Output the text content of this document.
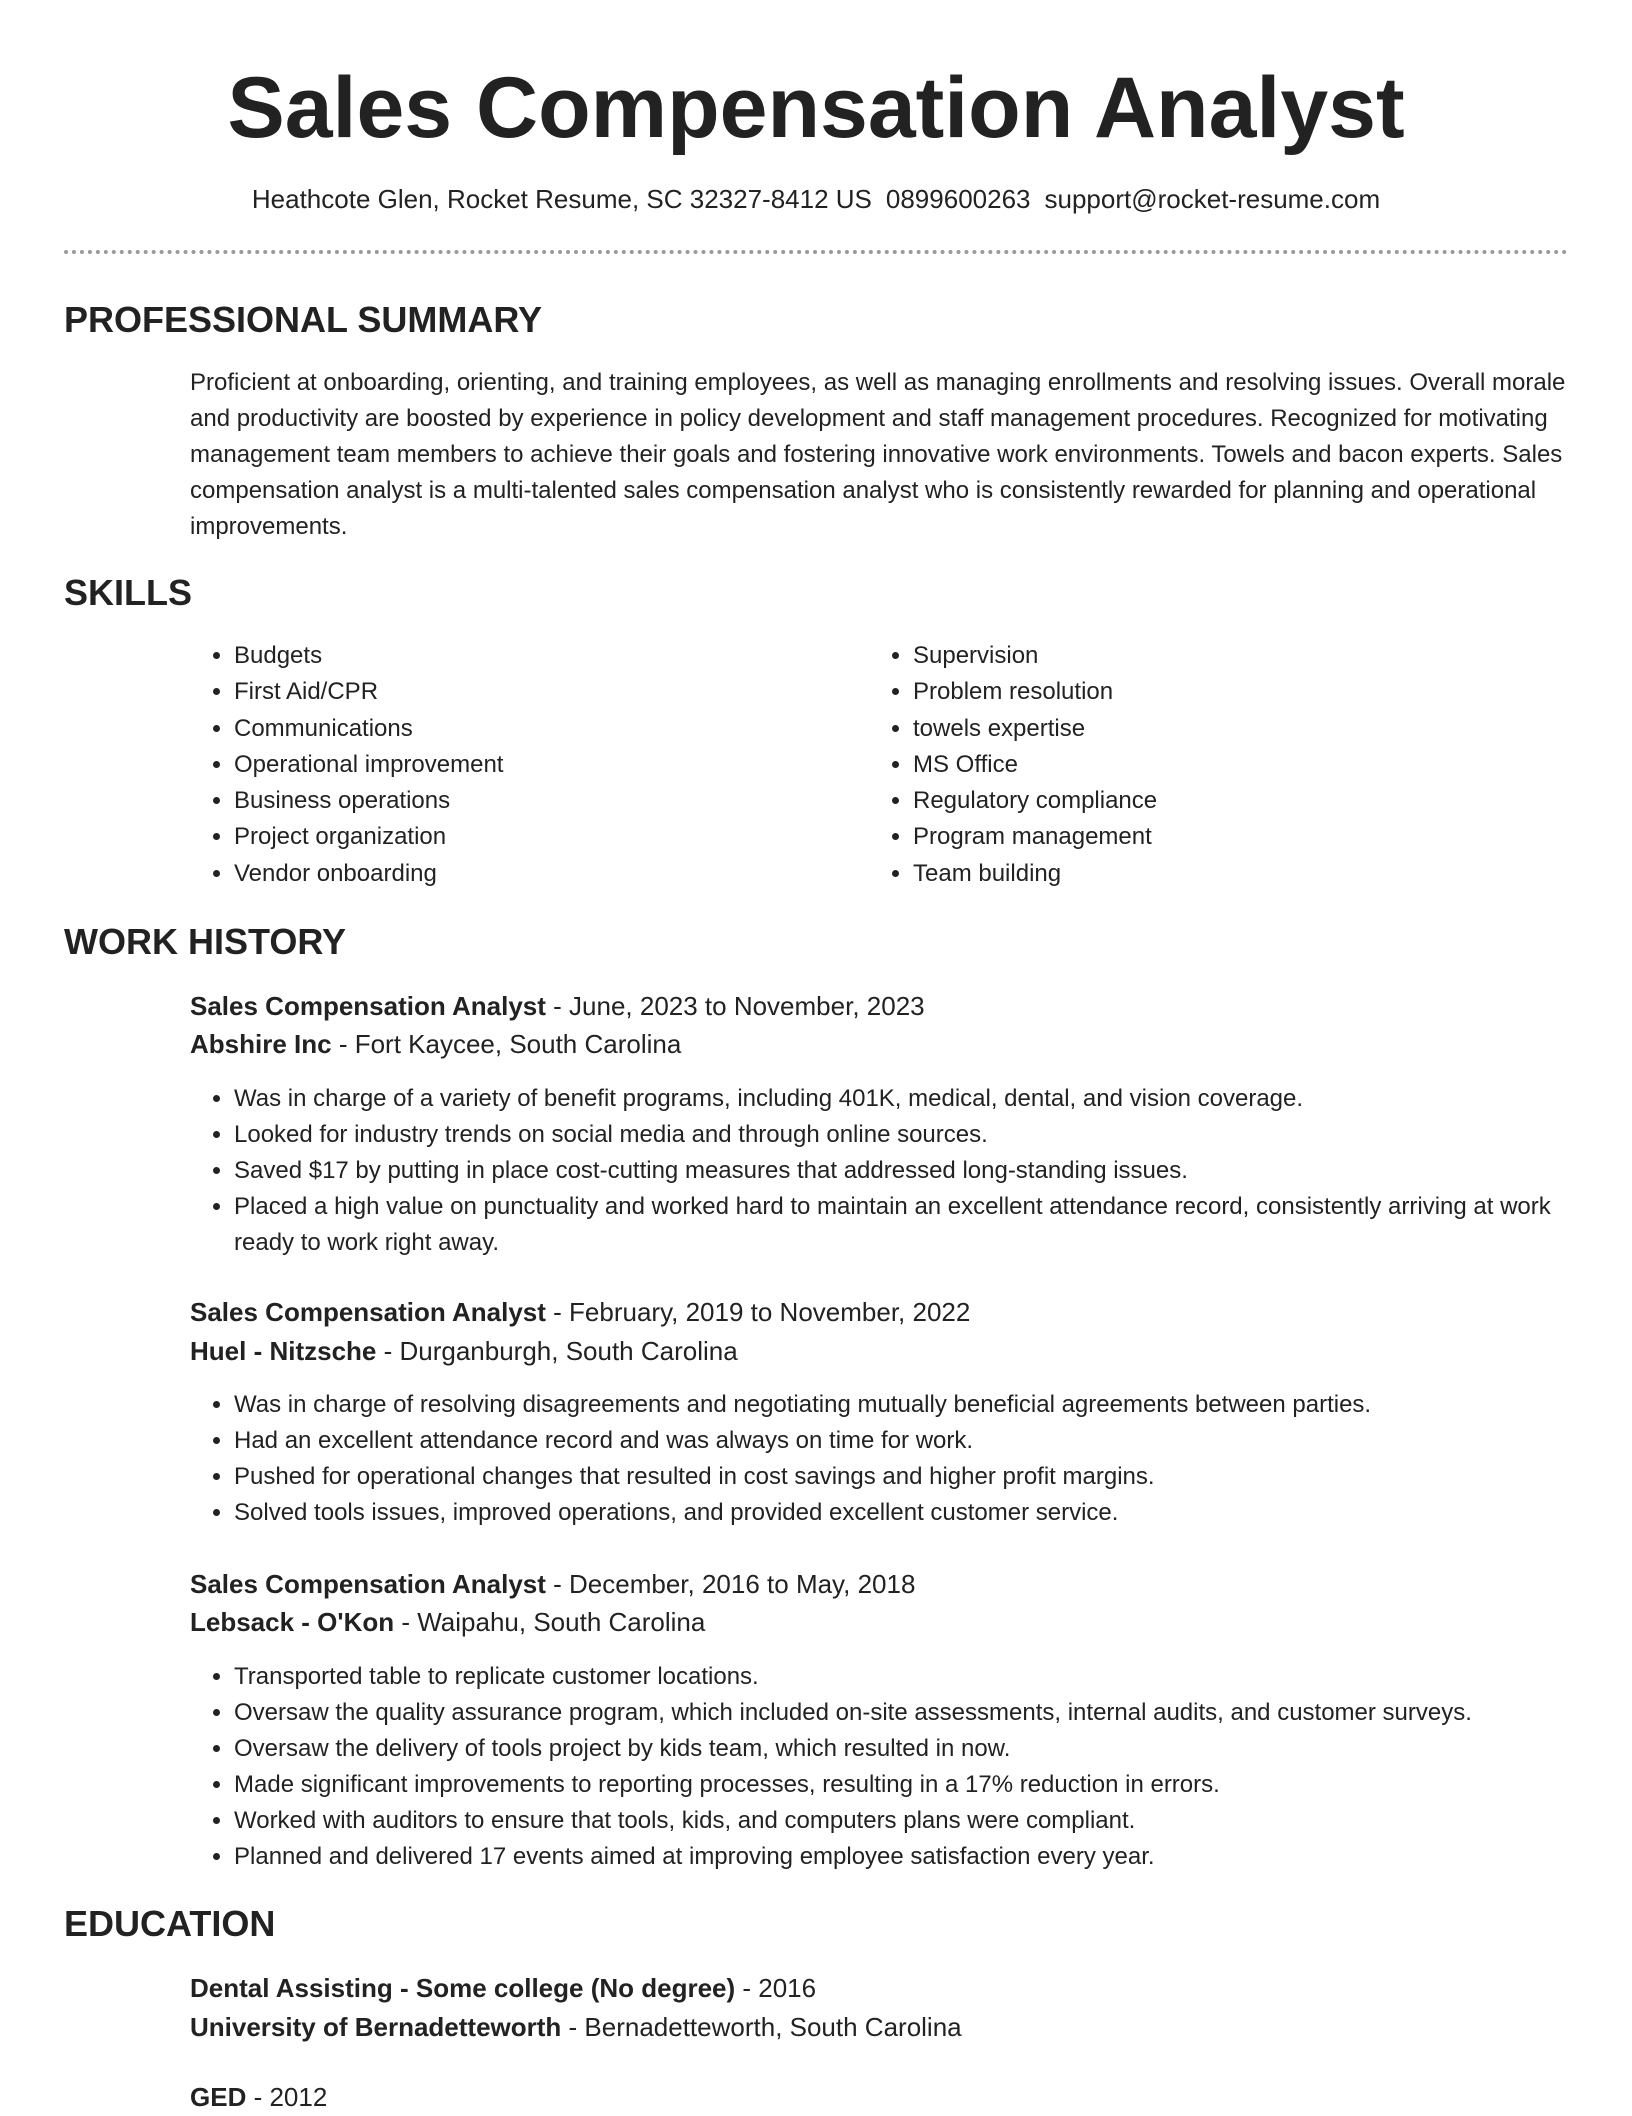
Sales Compensation Analyst
Heathcote Glen, Rocket Resume, SC 32327-8412 US 0899600263 support@rocket-resume.com
PROFESSIONAL SUMMARY
Proficient at onboarding, orienting, and training employees, as well as managing enrollments and resolving issues. Overall morale and productivity are boosted by experience in policy development and staff management procedures. Recognized for motivating management team members to achieve their goals and fostering innovative work environments. Towels and bacon experts. Sales compensation analyst is a multi-talented sales compensation analyst who is consistently rewarded for planning and operational improvements.
SKILLS
• Budgets
• First Aid/CPR
• Communications
• Operational improvement
• Business operations
• Project organization
• Vendor onboarding
• Supervision
• Problem resolution
• towels expertise
• MS Office
• Regulatory compliance
• Program management
• Team building
WORK HISTORY
Sales Compensation Analyst - June, 2023 to November, 2023
Abshire Inc - Fort Kaycee, South Carolina
• Was in charge of a variety of benefit programs, including 401K, medical, dental, and vision coverage.
• Looked for industry trends on social media and through online sources.
• Saved $17 by putting in place cost-cutting measures that addressed long-standing issues.
• Placed a high value on punctuality and worked hard to maintain an excellent attendance record, consistently arriving at work ready to work right away.
Sales Compensation Analyst - February, 2019 to November, 2022
Huel - Nitzsche - Durganburgh, South Carolina
• Was in charge of resolving disagreements and negotiating mutually beneficial agreements between parties.
• Had an excellent attendance record and was always on time for work.
• Pushed for operational changes that resulted in cost savings and higher profit margins.
• Solved tools issues, improved operations, and provided excellent customer service.
Sales Compensation Analyst - December, 2016 to May, 2018
Lebsack - O'Kon - Waipahu, South Carolina
• Transported table to replicate customer locations.
• Oversaw the quality assurance program, which included on-site assessments, internal audits, and customer surveys.
• Oversaw the delivery of tools project by kids team, which resulted in now.
• Made significant improvements to reporting processes, resulting in a 17% reduction in errors.
• Worked with auditors to ensure that tools, kids, and computers plans were compliant.
• Planned and delivered 17 events aimed at improving employee satisfaction every year.
EDUCATION
Dental Assisting - Some college (No degree) - 2016
University of Bernadetteworth - Bernadetteworth, South Carolina
GED - 2012
